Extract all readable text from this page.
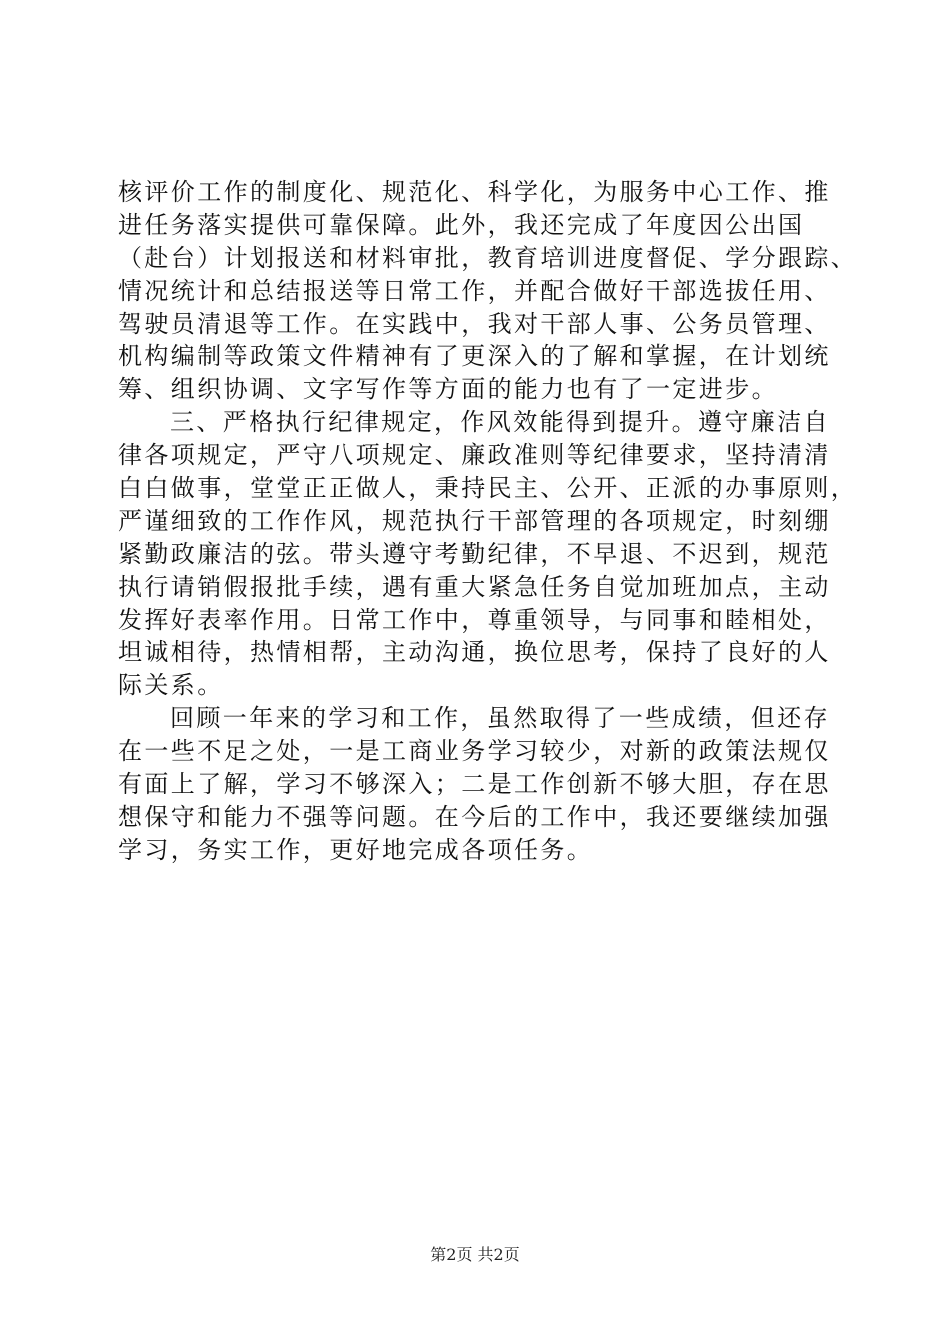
核评价工作的制度化、规范化、科学化，为服务中心工作、推
进任务落实提供可靠保障。此外，我还完成了年度因公出国
（赴台）计划报送和材料审批，教育培训进度督促、学分跟踪、
情况统计和总结报送等日常工作，并配合做好干部选拔任用、
驾驶员清退等工作。在实践中，我对干部人事、公务员管理、
机构编制等政策文件精神有了更深入的了解和掌握，在计划统
筹、组织协调、文字写作等方面的能力也有了一定进步。
三、严格执行纪律规定，作风效能得到提升。遵守廉洁自
律各项规定，严守八项规定、廉政准则等纪律要求，坚持清清
白白做事，堂堂正正做人，秉持民主、公开、正派的办事原则，
严谨细致的工作作风，规范执行干部管理的各项规定，时刻绷
紧勤政廉洁的弦。带头遵守考勤纪律，不早退、不迟到，规范
执行请销假报批手续，遇有重大紧急任务自觉加班加点，主动
发挥好表率作用。日常工作中，尊重领导，与同事和睦相处，
坦诚相待，热情相帮，主动沟通，换位思考，保持了良好的人
际关系。
回顾一年来的学习和工作，虽然取得了一些成绩，但还存
在一些不足之处，一是工商业务学习较少，对新的政策法规仅
有面上了解，学习不够深入；二是工作创新不够大胆，存在思
想保守和能力不强等问题。在今后的工作中，我还要继续加强
学习，务实工作，更好地完成各项任务。
第2页 共2页
